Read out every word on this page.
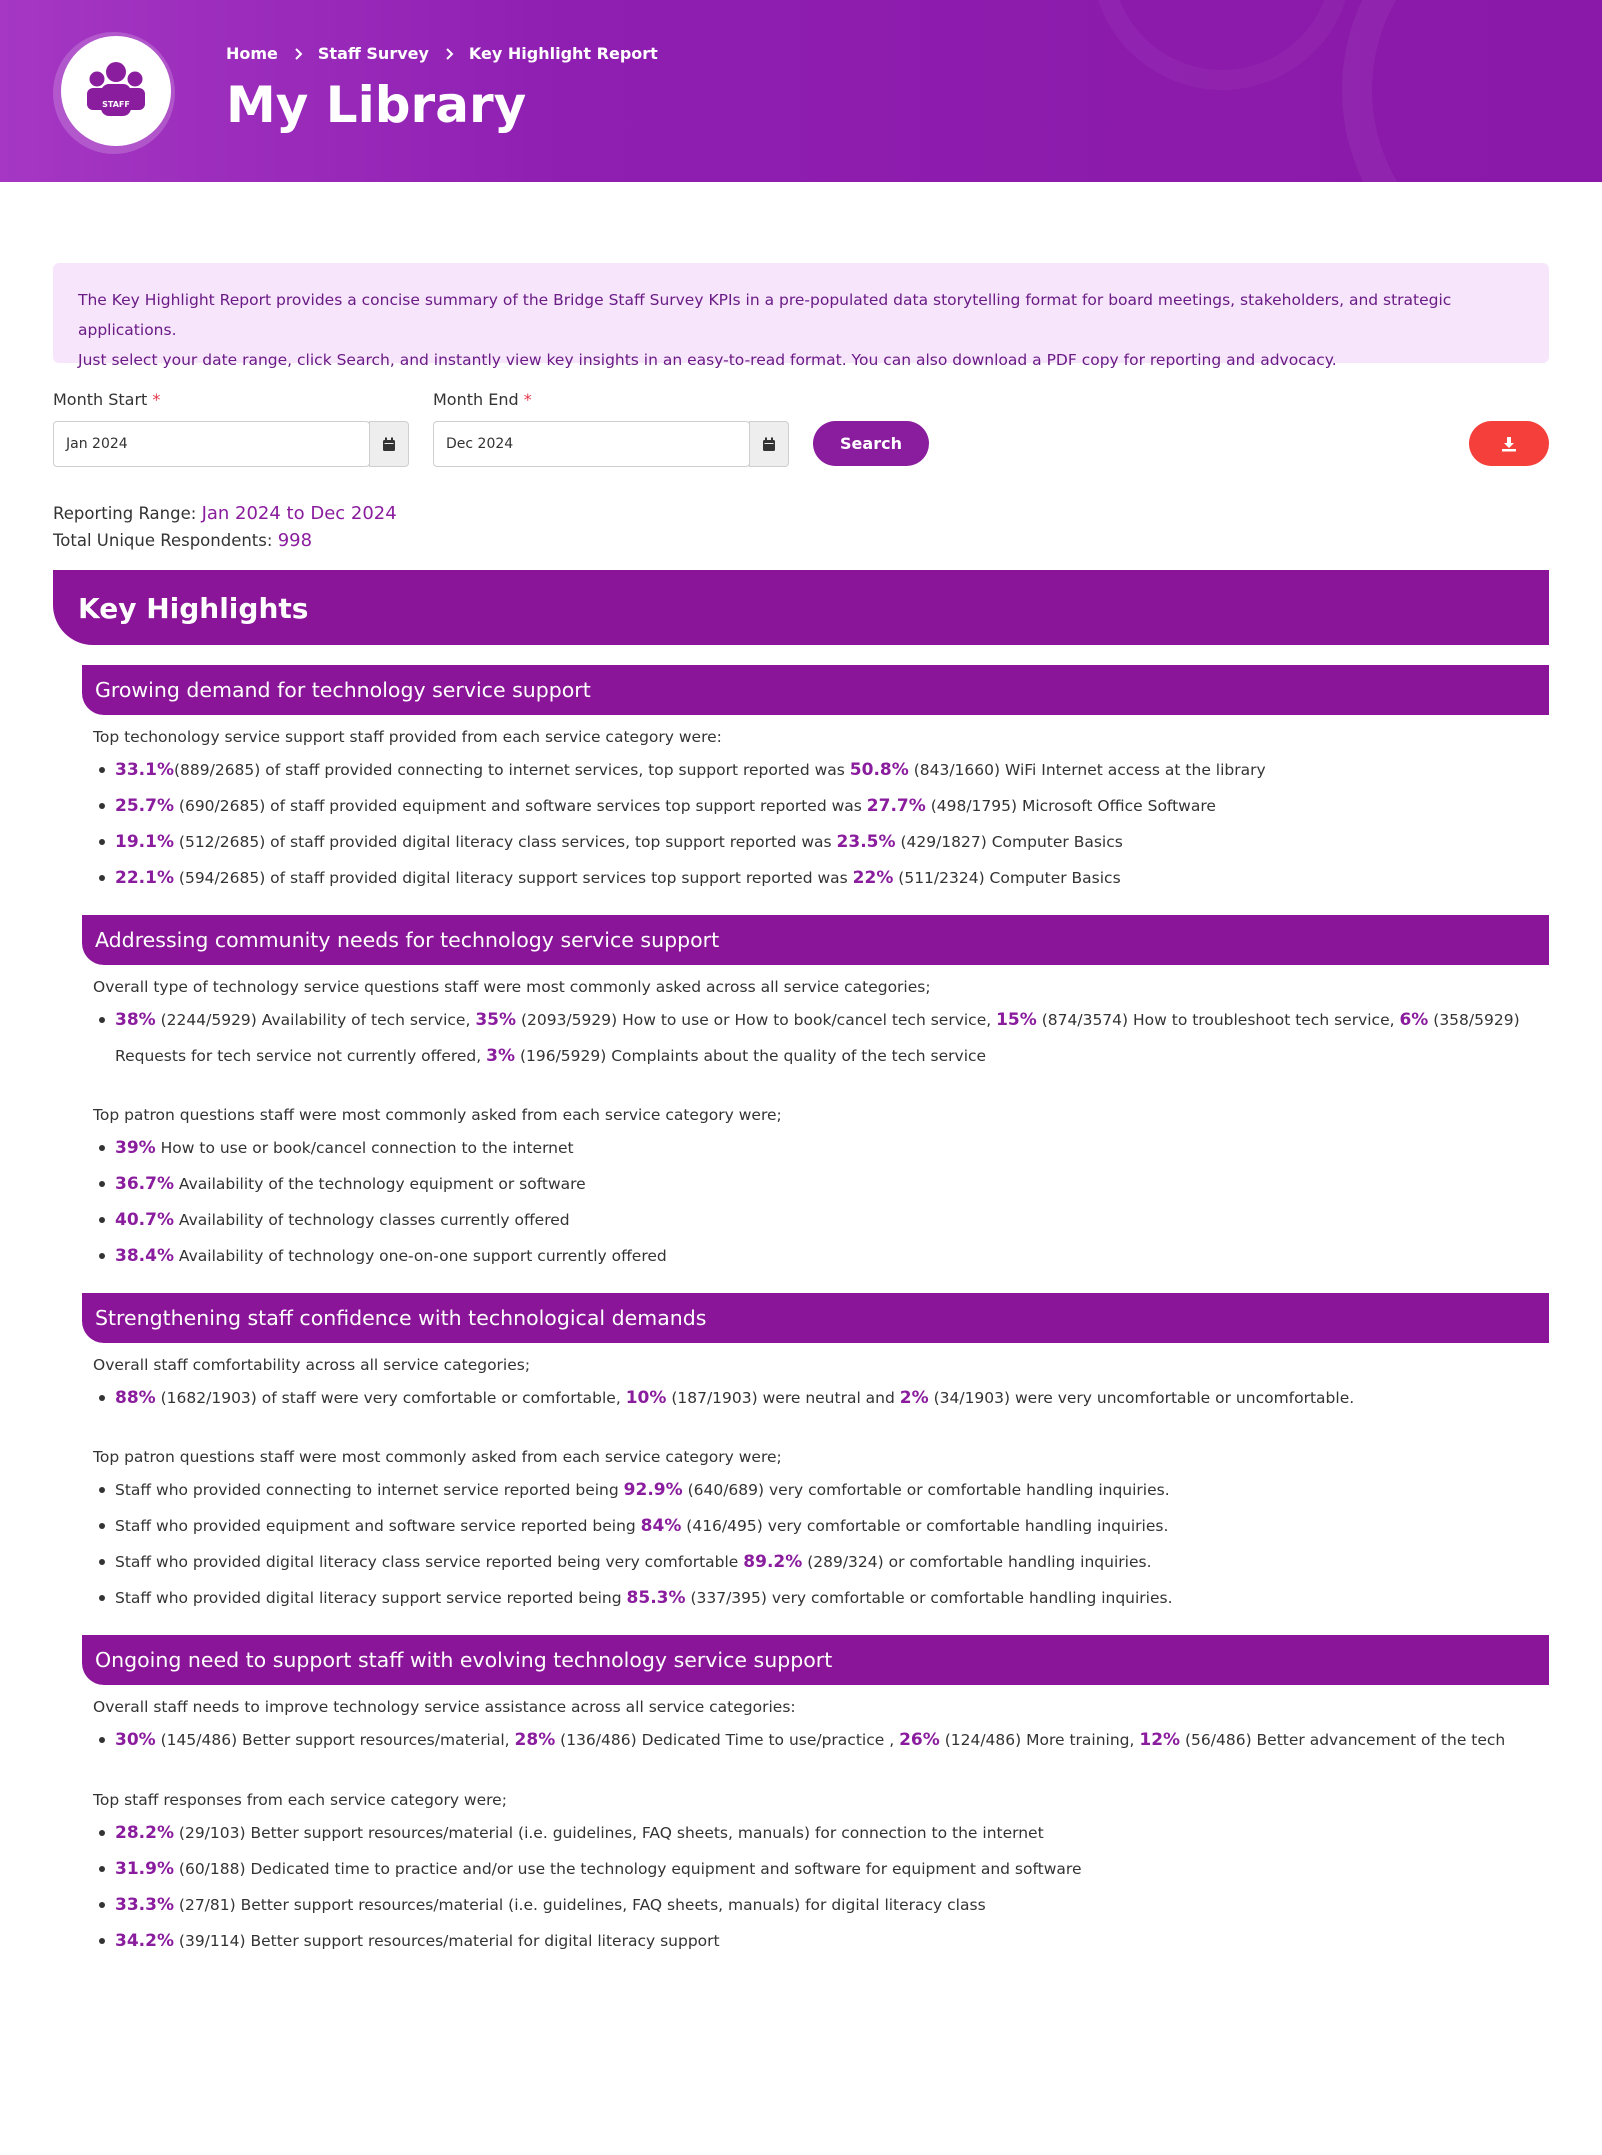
STAFF
Home	Staff Survey	Key Highlight Report
My Library
The Key Highlight Report provides a concise summary of the Bridge Staff Survey KPIs in a pre-populated data storytelling format for board meetings, stakeholders, and strategic applications.
Just select your date range, click Search, and instantly view key insights in an easy-to-read format. You can also download a PDF copy for reporting and advocacy.
Month Start *
Jan 2024
Month End *
Dec 2024	Search
Reporting Range: Jan 2024 to Dec 2024
Total Unique Respondents: 998
Key Highlights
Growing demand for technology service support
Top techonology service support staff provided from each service category were:
33.1%(889/2685) of staff provided connecting to internet services, top support reported was 50.8% (843/1660) WiFi Internet access at the library
25.7% (690/2685) of staff provided equipment and software services top support reported was 27.7% (498/1795) Microsoft Office Software
19.1% (512/2685) of staff provided digital literacy class services, top support reported was 23.5% (429/1827) Computer Basics
22.1% (594/2685) of staff provided digital literacy support services top support reported was 22% (511/2324) Computer Basics
Addressing community needs for technology service support
Overall type of technology service questions staff were most commonly asked across all service categories;
38% (2244/5929) Availability of tech service, 35% (2093/5929) How to use or How to book/cancel tech service, 15% (874/3574) How to troubleshoot tech service, 6% (358/5929) Requests for tech service not currently offered, 3% (196/5929) Complaints about the quality of the tech service
Top patron questions staff were most commonly asked from each service category were;
39% How to use or book/cancel connection to the internet
36.7% Availability of the technology equipment or software
40.7% Availability of technology classes currently offered
38.4% Availability of technology one-on-one support currently offered
Strengthening staff confidence with technological demands
Overall staff comfortability across all service categories;
88% (1682/1903) of staff were very comfortable or comfortable, 10% (187/1903) were neutral and 2% (34/1903) were very uncomfortable or uncomfortable.
Top patron questions staff were most commonly asked from each service category were;
Staff who provided connecting to internet service reported being 92.9% (640/689) very comfortable or comfortable handling inquiries.
Staff who provided equipment and software service reported being 84% (416/495) very comfortable or comfortable handling inquiries.
Staff who provided digital literacy class service reported being very comfortable 89.2% (289/324) or comfortable handling inquiries.
Staff who provided digital literacy support service reported being 85.3% (337/395) very comfortable or comfortable handling inquiries.
Ongoing need to support staff with evolving technology service support
Overall staff needs to improve technology service assistance across all service categories:
30% (145/486) Better support resources/material, 28% (136/486) Dedicated Time to use/practice , 26% (124/486) More training, 12% (56/486) Better advancement of the tech
Top staff responses from each service category were;
28.2% (29/103) Better support resources/material (i.e. guidelines, FAQ sheets, manuals) for connection to the internet
31.9% (60/188) Dedicated time to practice and/or use the technology equipment and software for equipment and software
33.3% (27/81) Better support resources/material (i.e. guidelines, FAQ sheets, manuals) for digital literacy class
34.2% (39/114) Better support resources/material for digital literacy support
